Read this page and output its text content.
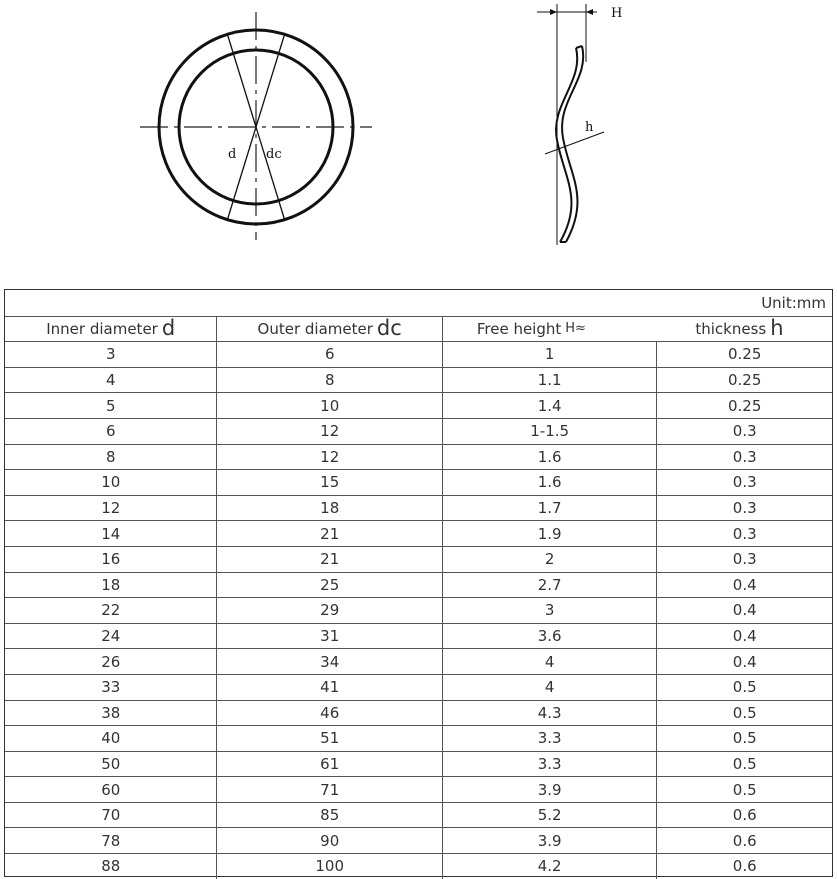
d dc
H
h
Unit:mm
Inner diameter d	Outer diameter dc	Free height H≈	thickness h
3	6	1	0.25
4	8	1.1	0.25
5	10	1.4	0.25
6	12	1-1.5	0.3
8	12	1.6	0.3
10	15	1.6	0.3
12	18	1.7	0.3
14	21	1.9	0.3
16	21	2	0.3
18	25	2.7	0.4
22	29	3	0.4
24	31	3.6	0.4
26	34	4	0.4
33	41	4	0.5
38	46	4.3	0.5
40	51	3.3	0.5
50	61	3.3	0.5
60	71	3.9	0.5
70	85	5.2	0.6
78	90	3.9	0.6
88	100	4.2	0.6
